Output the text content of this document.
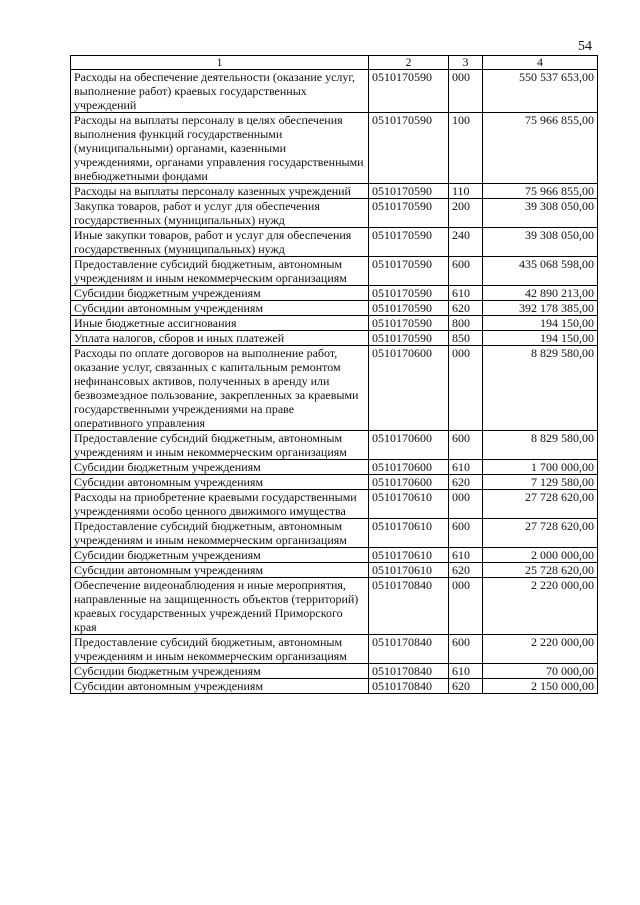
54
1	2	3	4
Расходы на обеспечение деятельности (оказание услуг, выполнение работ) краевых государственных учреждений	0510170590	000	550 537 653,00
Расходы на выплаты персоналу в целях обеспечения выполнения функций государственными (муниципальными) органами, казенными учреждениями, органами управления государственными внебюджетными фондами	0510170590	100	75 966 855,00
Расходы на выплаты персоналу казенных учреждений	0510170590	110	75 966 855,00
Закупка товаров, работ и услуг для обеспечения государственных (муниципальных) нужд	0510170590	200	39 308 050,00
Иные закупки товаров, работ и услуг для обеспечения государственных (муниципальных) нужд	0510170590	240	39 308 050,00
Предоставление субсидий бюджетным, автономным учреждениям и иным некоммерческим организациям	0510170590	600	435 068 598,00
Субсидии бюджетным учреждениям	0510170590	610	42 890 213,00
Субсидии автономным учреждениям	0510170590	620	392 178 385,00
Иные бюджетные ассигнования	0510170590	800	194 150,00
Уплата налогов, сборов и иных платежей	0510170590	850	194 150,00
Расходы по оплате договоров на выполнение работ, оказание услуг, связанных с капитальным ремонтом нефинансовых активов, полученных в аренду или безвозмездное пользование, закрепленных за краевыми государственными учреждениями на праве оперативного управления	0510170600	000	8 829 580,00
Предоставление субсидий бюджетным, автономным учреждениям и иным некоммерческим организациям	0510170600	600	8 829 580,00
Субсидии бюджетным учреждениям	0510170600	610	1 700 000,00
Субсидии автономным учреждениям	0510170600	620	7 129 580,00
Расходы на приобретение краевыми государственными учреждениями особо ценного движимого имущества	0510170610	000	27 728 620,00
Предоставление субсидий бюджетным, автономным учреждениям и иным некоммерческим организациям	0510170610	600	27 728 620,00
Субсидии бюджетным учреждениям	0510170610	610	2 000 000,00
Субсидии автономным учреждениям	0510170610	620	25 728 620,00
Обеспечение видеонаблюдения и иные мероприятия, направленные на защищенность объектов (территорий) краевых государственных учреждений Приморского края	0510170840	000	2 220 000,00
Предоставление субсидий бюджетным, автономным учреждениям и иным некоммерческим организациям	0510170840	600	2 220 000,00
Субсидии бюджетным учреждениям	0510170840	610	70 000,00
Субсидии автономным учреждениям	0510170840	620	2 150 000,00
